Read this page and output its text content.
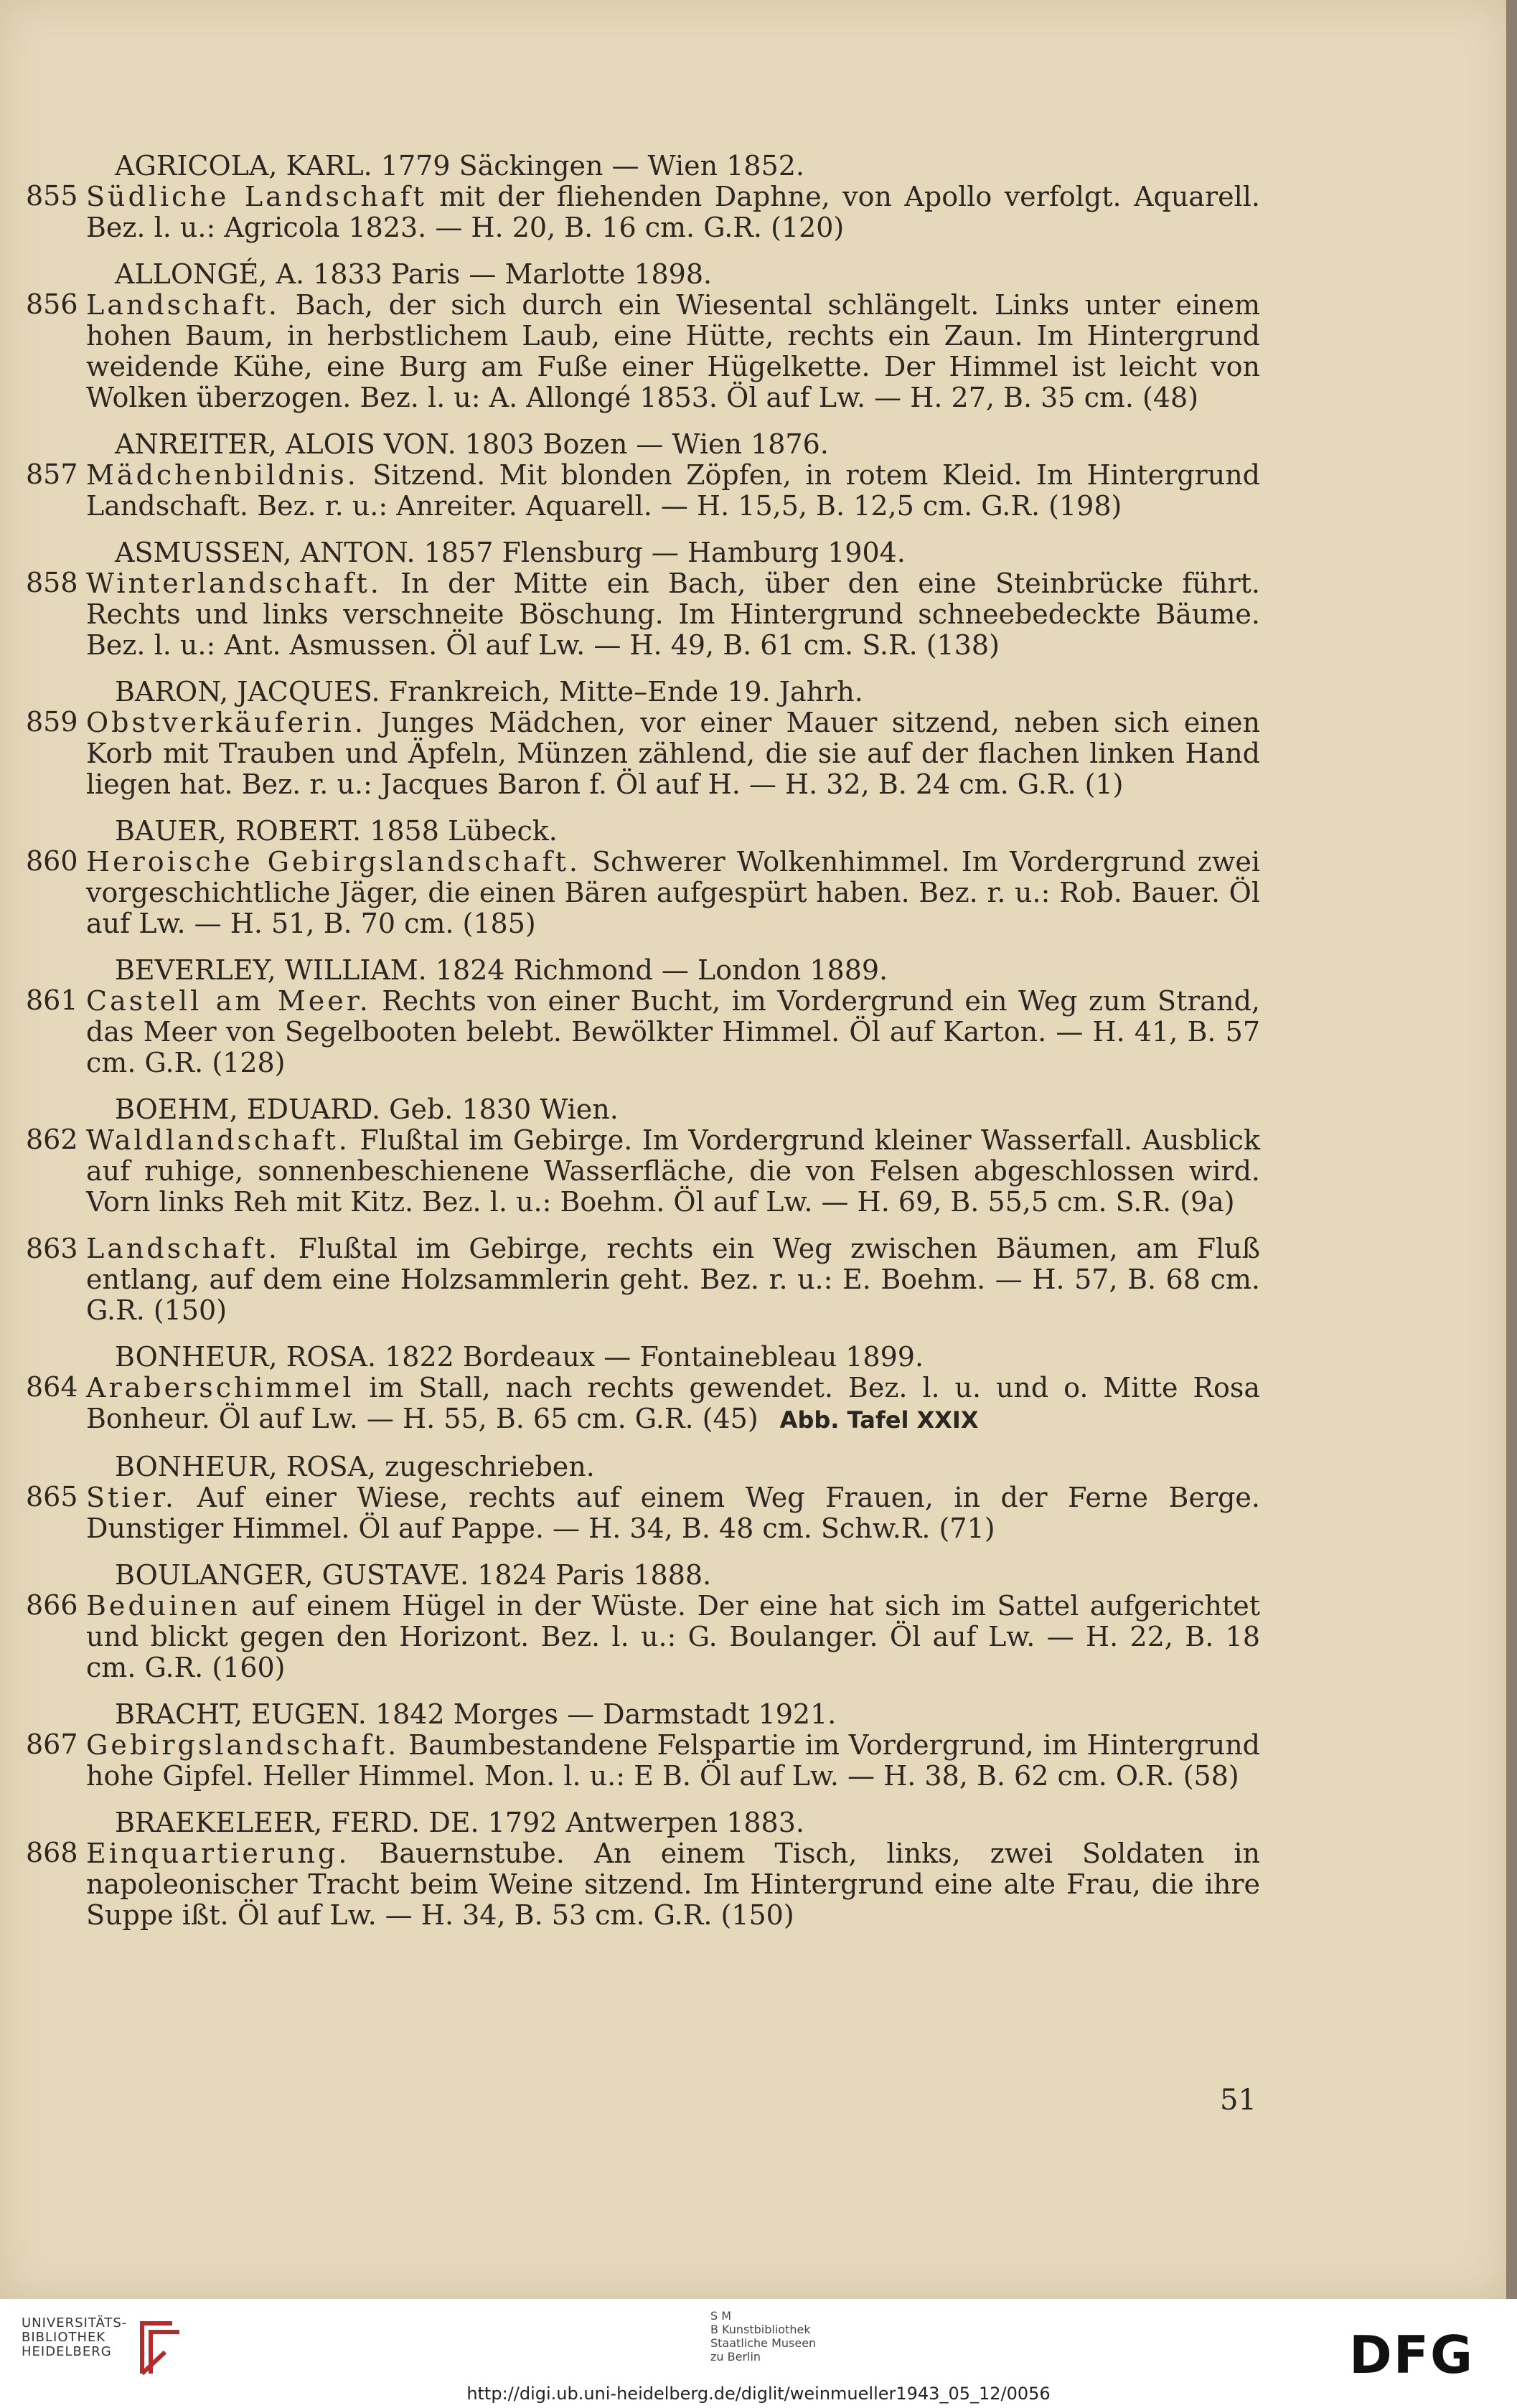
855
AGRICOLA, KARL. 1779 Säckingen — Wien 1852.
Südliche Landschaft mit der fliehenden Daphne, von Apollo verfolgt. Aquarell. Bez. l. u.: Agricola 1823. — H. 20, B. 16 cm. G.R. (120)
856
ALLONGÉ, A. 1833 Paris — Marlotte 1898.
Landschaft. Bach, der sich durch ein Wiesental schlängelt. Links unter einem hohen Baum, in herbstlichem Laub, eine Hütte, rechts ein Zaun. Im Hintergrund weidende Kühe, eine Burg am Fuße einer Hügelkette. Der Himmel ist leicht von Wolken überzogen. Bez. l. u: A. Allongé 1853. Öl auf Lw. — H. 27, B. 35 cm. (48)
857
ANREITER, ALOIS VON. 1803 Bozen — Wien 1876.
Mädchenbildnis. Sitzend. Mit blonden Zöpfen, in rotem Kleid. Im Hintergrund Landschaft. Bez. r. u.: Anreiter. Aquarell. — H. 15,5, B. 12,5 cm. G.R. (198)
858
ASMUSSEN, ANTON. 1857 Flensburg — Hamburg 1904.
Winterlandschaft. In der Mitte ein Bach, über den eine Steinbrücke führt. Rechts und links verschneite Böschung. Im Hintergrund schneebedeckte Bäume. Bez. l. u.: Ant. Asmussen. Öl auf Lw. — H. 49, B. 61 cm. S.R. (138)
859
BARON, JACQUES. Frankreich, Mitte–Ende 19. Jahrh.
Obstverkäuferin. Junges Mädchen, vor einer Mauer sitzend, neben sich einen Korb mit Trauben und Äpfeln, Münzen zählend, die sie auf der flachen linken Hand liegen hat. Bez. r. u.: Jacques Baron f. Öl auf H. — H. 32, B. 24 cm. G.R. (1)
860
BAUER, ROBERT. 1858 Lübeck.
Heroische Gebirgslandschaft. Schwerer Wolkenhimmel. Im Vordergrund zwei vorgeschichtliche Jäger, die einen Bären aufgespürt haben. Bez. r. u.: Rob. Bauer. Öl auf Lw. — H. 51, B. 70 cm. (185)
861
BEVERLEY, WILLIAM. 1824 Richmond — London 1889.
Castell am Meer. Rechts von einer Bucht, im Vordergrund ein Weg zum Strand, das Meer von Segelbooten belebt. Bewölkter Himmel. Öl auf Karton. — H. 41, B. 57 cm. G.R. (128)
862
BOEHM, EDUARD. Geb. 1830 Wien.
Waldlandschaft. Flußtal im Gebirge. Im Vordergrund kleiner Wasserfall. Ausblick auf ruhige, sonnenbeschienene Wasserfläche, die von Felsen abgeschlossen wird. Vorn links Reh mit Kitz. Bez. l. u.: Boehm. Öl auf Lw. — H. 69, B. 55,5 cm. S.R. (9a)
863 Landschaft. Flußtal im Gebirge, rechts ein Weg zwischen Bäumen, am Fluß entlang, auf dem eine Holzsammlerin geht. Bez. r. u.: E. Boehm. — H. 57, B. 68 cm. G.R. (150)
864
BONHEUR, ROSA. 1822 Bordeaux — Fontainebleau 1899.
Araberschimmel im Stall, nach rechts gewendet. Bez. l. u. und o. Mitte Rosa Bonheur. Öl auf Lw. — H. 55, B. 65 cm. G.R. (45) Abb. Tafel XXIX
865
BONHEUR, ROSA, zugeschrieben.
Stier. Auf einer Wiese, rechts auf einem Weg Frauen, in der Ferne Berge. Dunstiger Himmel. Öl auf Pappe. — H. 34, B. 48 cm. Schw.R. (71)
866
BOULANGER, GUSTAVE. 1824 Paris 1888.
Beduinen auf einem Hügel in der Wüste. Der eine hat sich im Sattel aufgerichtet und blickt gegen den Horizont. Bez. l. u.: G. Boulanger. Öl auf Lw. — H. 22, B. 18 cm. G.R. (160)
867
BRACHT, EUGEN. 1842 Morges — Darmstadt 1921.
Gebirgslandschaft. Baumbestandene Felspartie im Vordergrund, im Hintergrund hohe Gipfel. Heller Himmel. Mon. l. u.: E B. Öl auf Lw. — H. 38, B. 62 cm. O.R. (58)
868
BRAEKELEER, FERD. DE. 1792 Antwerpen 1883.
Einquartierung. Bauernstube. An einem Tisch, links, zwei Soldaten in napoleonischer Tracht beim Weine sitzend. Im Hintergrund eine alte Frau, die ihre Suppe ißt. Öl auf Lw. — H. 34, B. 53 cm. G.R. (150)
51
UNIVERSITÄTS-
BIBLIOTHEK
HEIDELBERG
S M
B Kunstbibliothek
Staatliche Museen
zu Berlin	DFG
http://digi.ub.uni-heidelberg.de/diglit/weinmueller1943_05_12/0056
